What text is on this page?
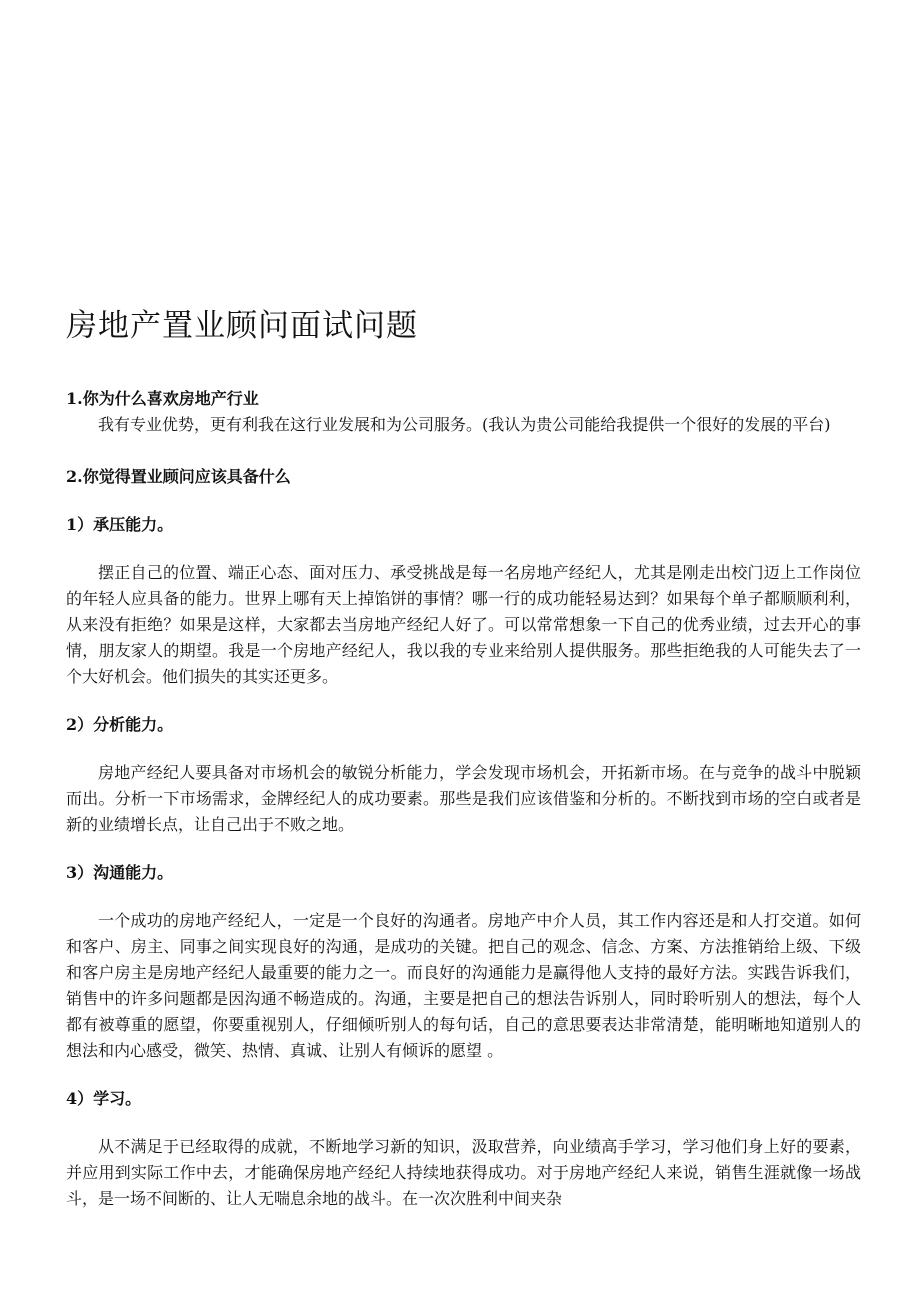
房地产置业顾问面试问题

1.你为什么喜欢房地产行业

我有专业优势，更有利我在这行业发展和为公司服务。(我认为贵公司能给我提供一个很好的发展的平台)

2.你觉得置业顾问应该具备什么

1）承压能力。

摆正自己的位置、端正心态、面对压力、承受挑战是每一名房地产经纪人，尤其是刚走出校门迈上工作岗位的年轻人应具备的能力。世界上哪有天上掉馅饼的事情？哪一行的成功能轻易达到？如果每个单子都顺顺利利，从来没有拒绝？如果是这样，大家都去当房地产经纪人好了。可以常常想象一下自己的优秀业绩，过去开心的事情，朋友家人的期望。我是一个房地产经纪人，我以我的专业来给别人提供服务。那些拒绝我的人可能失去了一个大好机会。他们损失的其实还更多。

2）分析能力。

房地产经纪人要具备对市场机会的敏锐分析能力，学会发现市场机会，开拓新市场。在与竞争的战斗中脱颖而出。分析一下市场需求，金牌经纪人的成功要素。那些是我们应该借鉴和分析的。不断找到市场的空白或者是新的业绩增长点，让自己出于不败之地。

3）沟通能力。

一个成功的房地产经纪人，一定是一个良好的沟通者。房地产中介人员，其工作内容还是和人打交道。如何和客户、房主、同事之间实现良好的沟通，是成功的关键。把自己的观念、信念、方案、方法推销给上级、下级和客户房主是房地产经纪人最重要的能力之一。而良好的沟通能力是赢得他人支持的最好方法。实践告诉我们，销售中的许多问题都是因沟通不畅造成的。沟通，主要是把自己的想法告诉别人，同时聆听别人的想法，每个人都有被尊重的愿望，你要重视别人，仔细倾听别人的每句话，自己的意思要表达非常清楚，能明晰地知道别人的想法和内心感受，微笑、热情、真诚、让别人有倾诉的愿望 。

4）学习。

从不满足于已经取得的成就，不断地学习新的知识，汲取营养，向业绩高手学习，学习他们身上好的要素，并应用到实际工作中去，才能确保房地产经纪人持续地获得成功。对于房地产经纪人来说，销售生涯就像一场战斗，是一场不间断的、让人无喘息余地的战斗。在一次次胜利中间夹杂
